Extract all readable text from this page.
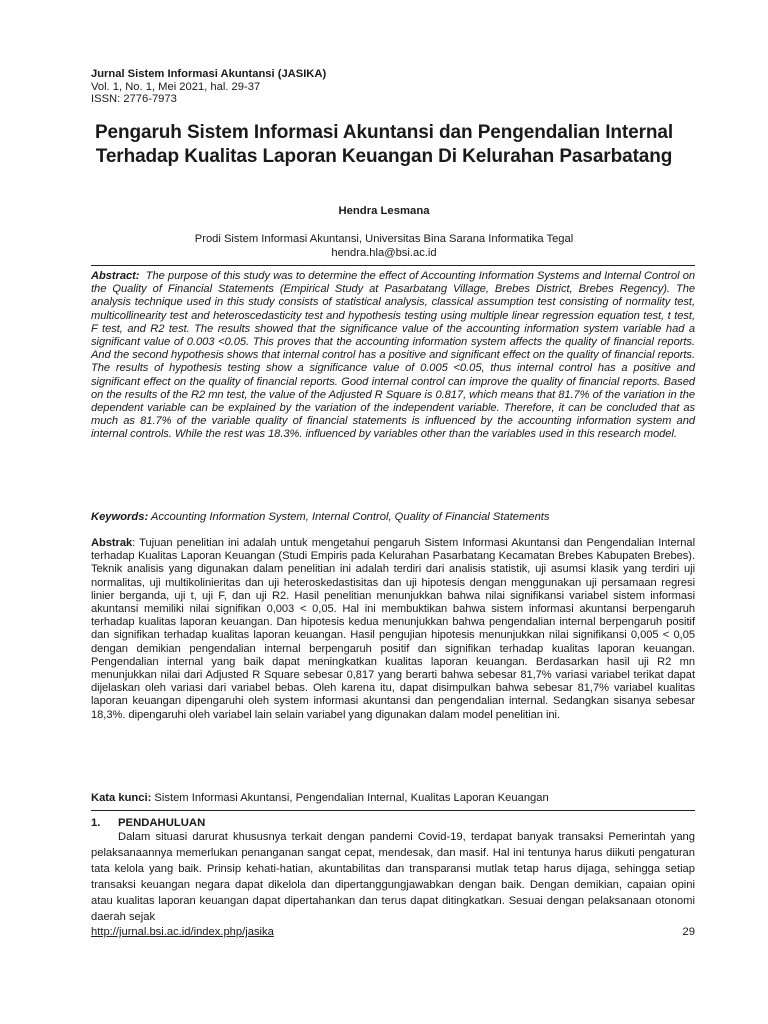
Jurnal Sistem Informasi Akuntansi (JASIKA)
Vol. 1, No. 1, Mei 2021, hal. 29-37
ISSN: 2776-7973
Pengaruh Sistem Informasi Akuntansi dan Pengendalian Internal Terhadap Kualitas Laporan Keuangan Di Kelurahan Pasarbatang
Hendra Lesmana
Prodi Sistem Informasi Akuntansi, Universitas Bina Sarana Informatika Tegal
hendra.hla@bsi.ac.id
Abstract: The purpose of this study was to determine the effect of Accounting Information Systems and Internal Control on the Quality of Financial Statements (Empirical Study at Pasarbatang Village, Brebes District, Brebes Regency). The analysis technique used in this study consists of statistical analysis, classical assumption test consisting of normality test, multicollinearity test and heteroscedasticity test and hypothesis testing using multiple linear regression equation test, t test, F test, and R2 test. The results showed that the significance value of the accounting information system variable had a significant value of 0.003 <0.05. This proves that the accounting information system affects the quality of financial reports. And the second hypothesis shows that internal control has a positive and significant effect on the quality of financial reports. The results of hypothesis testing show a significance value of 0.005 <0.05, thus internal control has a positive and significant effect on the quality of financial reports. Good internal control can improve the quality of financial reports. Based on the results of the R2 mn test, the value of the Adjusted R Square is 0.817, which means that 81.7% of the variation in the dependent variable can be explained by the variation of the independent variable. Therefore, it can be concluded that as much as 81.7% of the variable quality of financial statements is influenced by the accounting information system and internal controls. While the rest was 18.3%. influenced by variables other than the variables used in this research model.
Keywords: Accounting Information System, Internal Control, Quality of Financial Statements
Abstrak: Tujuan penelitian ini adalah untuk mengetahui pengaruh Sistem Informasi Akuntansi dan Pengendalian Internal terhadap Kualitas Laporan Keuangan (Studi Empiris pada Kelurahan Pasarbatang Kecamatan Brebes Kabupaten Brebes). Teknik analisis yang digunakan dalam penelitian ini adalah terdiri dari analisis statistik, uji asumsi klasik yang terdiri uji normalitas, uji multikolinieritas dan uji heteroskedastisitas dan uji hipotesis dengan menggunakan uji persamaan regresi linier berganda, uji t, uji F, dan uji R2. Hasil penelitian menunjukkan bahwa nilai signifikansi variabel sistem informasi akuntansi memiliki nilai signifikan 0,003 < 0,05. Hal ini membuktikan bahwa sistem informasi akuntansi berpengaruh terhadap kualitas laporan keuangan. Dan hipotesis kedua menunjukkan bahwa pengendalian internal berpengaruh positif dan signifikan terhadap kualitas laporan keuangan. Hasil pengujian hipotesis menunjukkan nilai signifikansi 0,005 < 0,05 dengan demikian pengendalian internal berpengaruh positif dan signifikan terhadap kualitas laporan keuangan. Pengendalian internal yang baik dapat meningkatkan kualitas laporan keuangan. Berdasarkan hasil uji R2 mn menunjukkan nilai dari Adjusted R Square sebesar 0,817 yang berarti bahwa sebesar 81,7% variasi variabel terikat dapat dijelaskan oleh variasi dari variabel bebas. Oleh karena itu, dapat disimpulkan bahwa sebesar 81,7% variabel kualitas laporan keuangan dipengaruhi oleh system informasi akuntansi dan pengendalian internal. Sedangkan sisanya sebesar 18,3%. dipengaruhi oleh variabel lain selain variabel yang digunakan dalam model penelitian ini.
Kata kunci: Sistem Informasi Akuntansi, Pengendalian Internal, Kualitas Laporan Keuangan
1. PENDAHULUAN
Dalam situasi darurat khususnya terkait dengan pandemi Covid-19, terdapat banyak transaksi Pemerintah yang pelaksanaannya memerlukan penanganan sangat cepat, mendesak, dan masif. Hal ini tentunya harus diikuti pengaturan tata kelola yang baik. Prinsip kehati-hatian, akuntabilitas dan transparansi mutlak tetap harus dijaga, sehingga setiap transaksi keuangan negara dapat dikelola dan dipertanggungjawabkan dengan baik. Dengan demikian, capaian opini atau kualitas laporan keuangan dapat dipertahankan dan terus dapat ditingkatkan. Sesuai dengan pelaksanaan otonomi daerah sejak
http://jurnal.bsi.ac.id/index.php/jasika	29
